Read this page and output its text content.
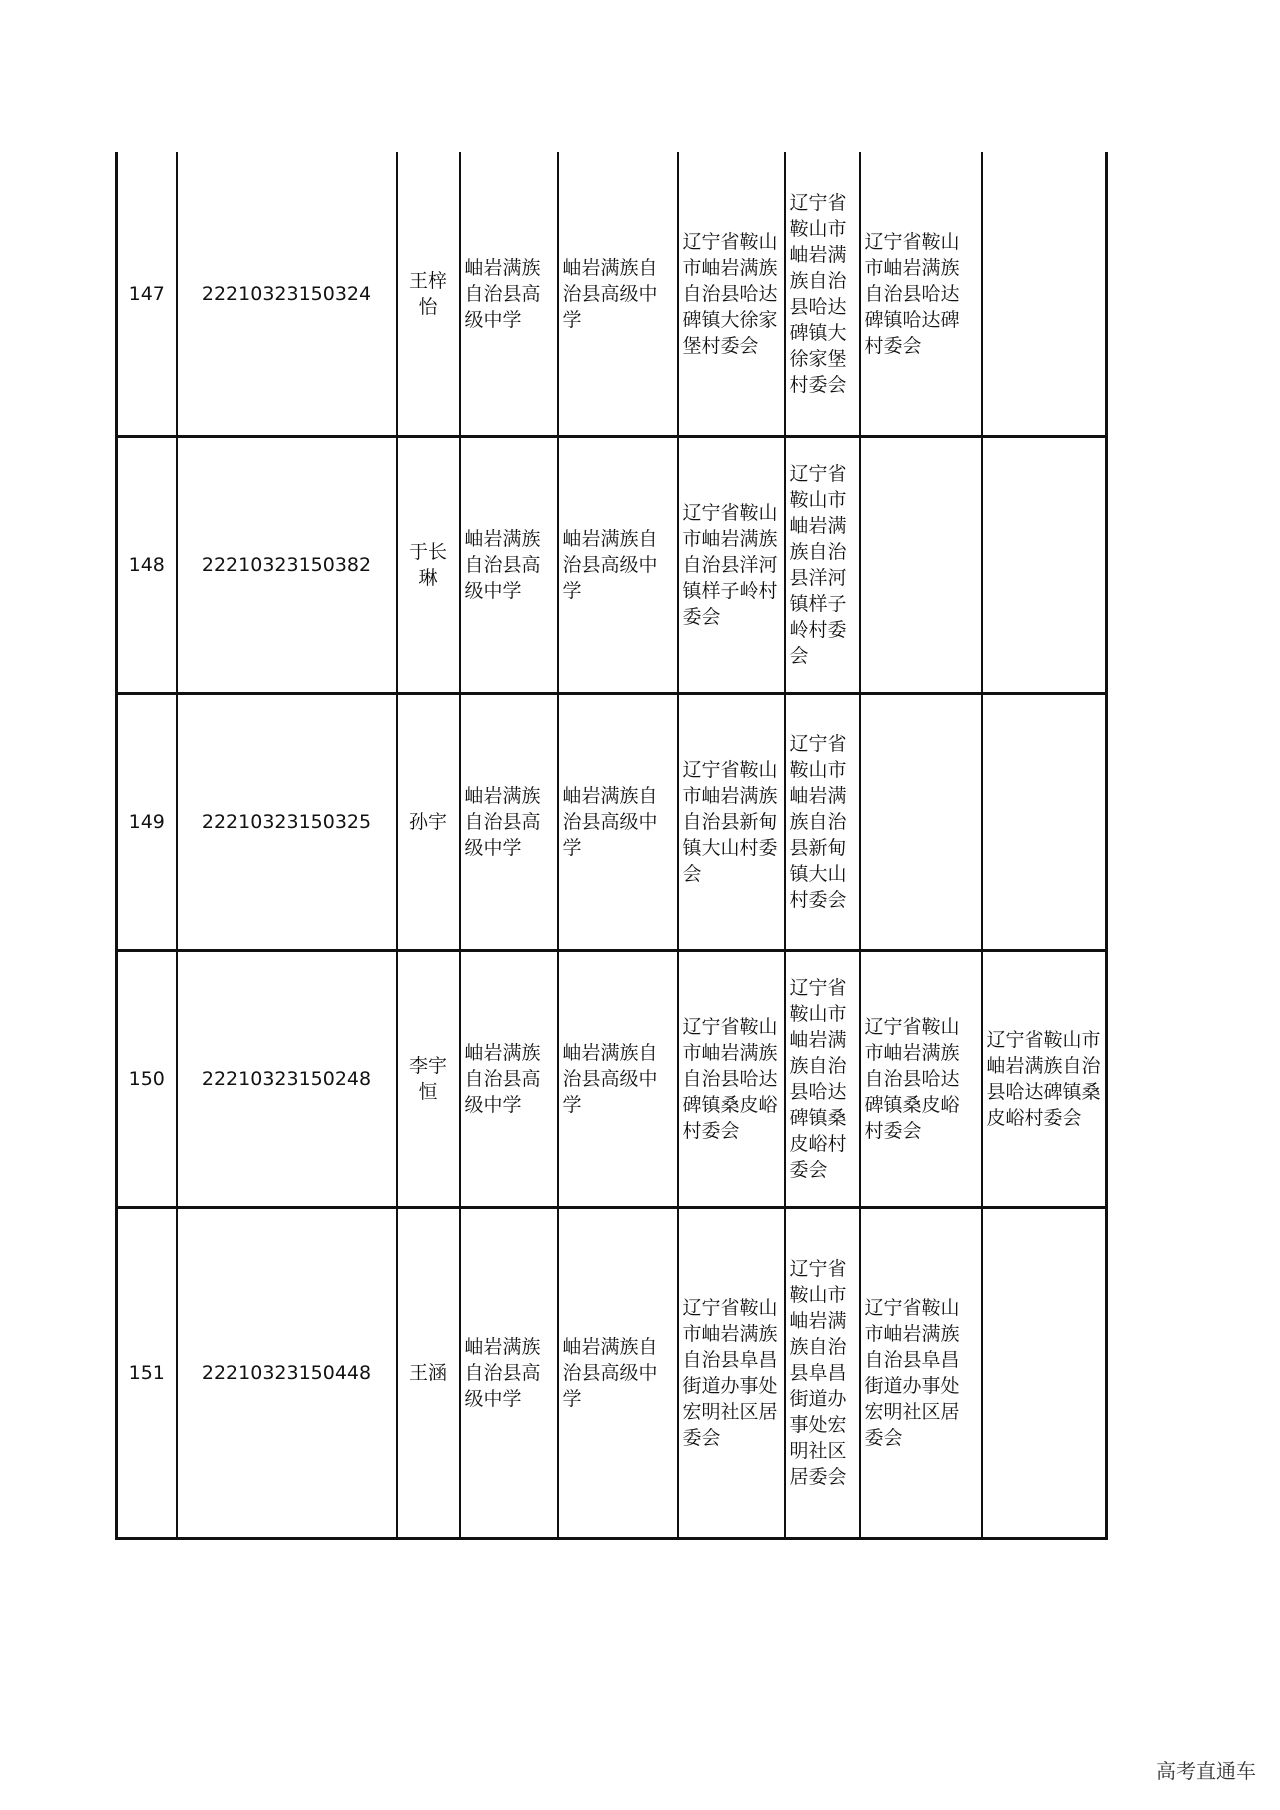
147	22210323150324	王梓怡	岫岩满族自治县高级中学	岫岩满族自治县高级中学	辽宁省鞍山市岫岩满族自治县哈达碑镇大徐家堡村委会	辽宁省鞍山市岫岩满族自治县哈达碑镇大徐家堡村委会	辽宁省鞍山市岫岩满族自治县哈达碑镇哈达碑村委会	
148	22210323150382	于长琳	岫岩满族自治县高级中学	岫岩满族自治县高级中学	辽宁省鞍山市岫岩满族自治县洋河镇样子岭村委会	辽宁省鞍山市岫岩满族自治县洋河镇样子岭村委会		
149	22210323150325	孙宇	岫岩满族自治县高级中学	岫岩满族自治县高级中学	辽宁省鞍山市岫岩满族自治县新甸镇大山村委会	辽宁省鞍山市岫岩满族自治县新甸镇大山村委会		
150	22210323150248	李宇恒	岫岩满族自治县高级中学	岫岩满族自治县高级中学	辽宁省鞍山市岫岩满族自治县哈达碑镇桑皮峪村委会	辽宁省鞍山市岫岩满族自治县哈达碑镇桑皮峪村委会	辽宁省鞍山市岫岩满族自治县哈达碑镇桑皮峪村委会	辽宁省鞍山市岫岩满族自治县哈达碑镇桑皮峪村委会
151	22210323150448	王涵	岫岩满族自治县高级中学	岫岩满族自治县高级中学	辽宁省鞍山市岫岩满族自治县阜昌街道办事处宏明社区居委会	辽宁省鞍山市岫岩满族自治县阜昌街道办事处宏明社区居委会	辽宁省鞍山市岫岩满族自治县阜昌街道办事处宏明社区居委会	
高考直通车
